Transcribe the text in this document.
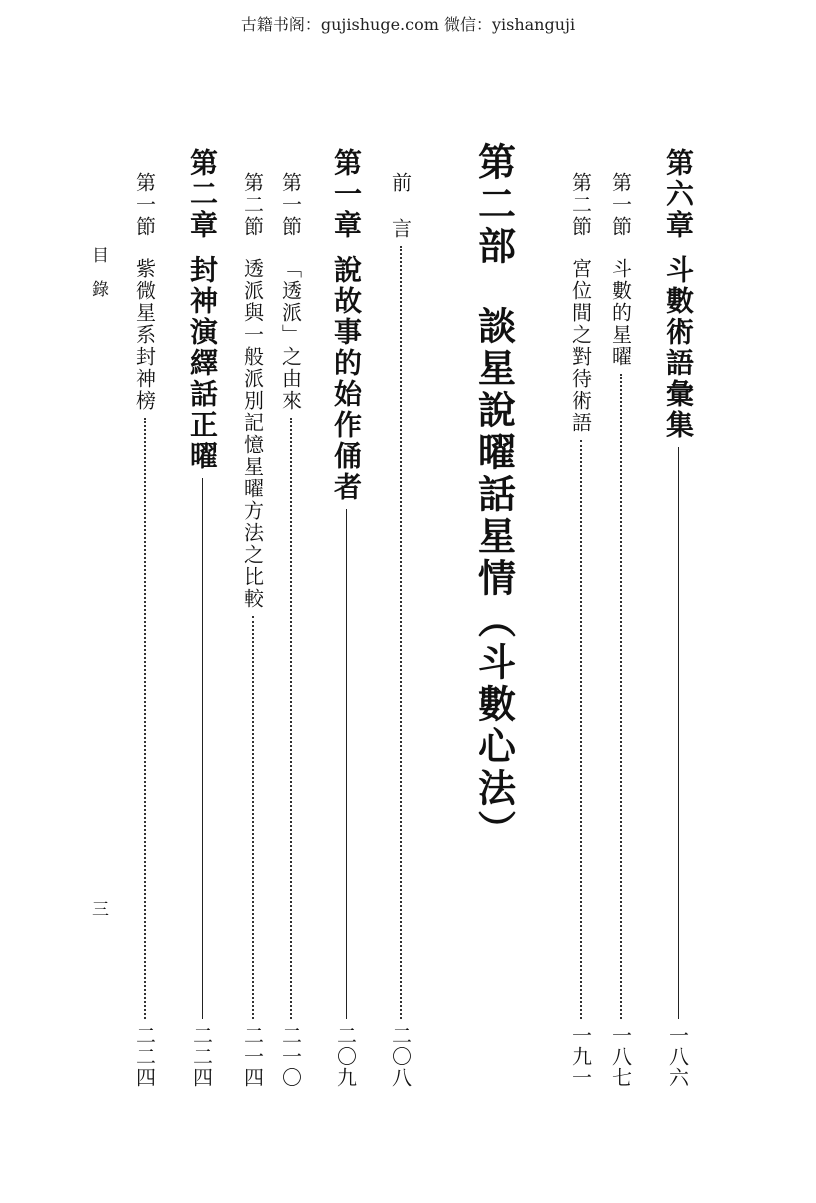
古籍书阁：gujishuge.com 微信：yishanguji
第六章
斗數術語彙集
一八六
第一節
斗數的星曜
一八七
第二節
宮位間之對待術語
一九一
第二部
談星說曜話星情（斗數心法）
前
言
二〇八
第一章
說故事的始作俑者
二〇九
第一節
「透派」之由來
二一〇
第二節
透派與一般派別記憶星曜方法之比較
二一四
第二章
封神演繹話正曜
二二四
第一節
紫微星系封神榜
二二四
目　錄
三
